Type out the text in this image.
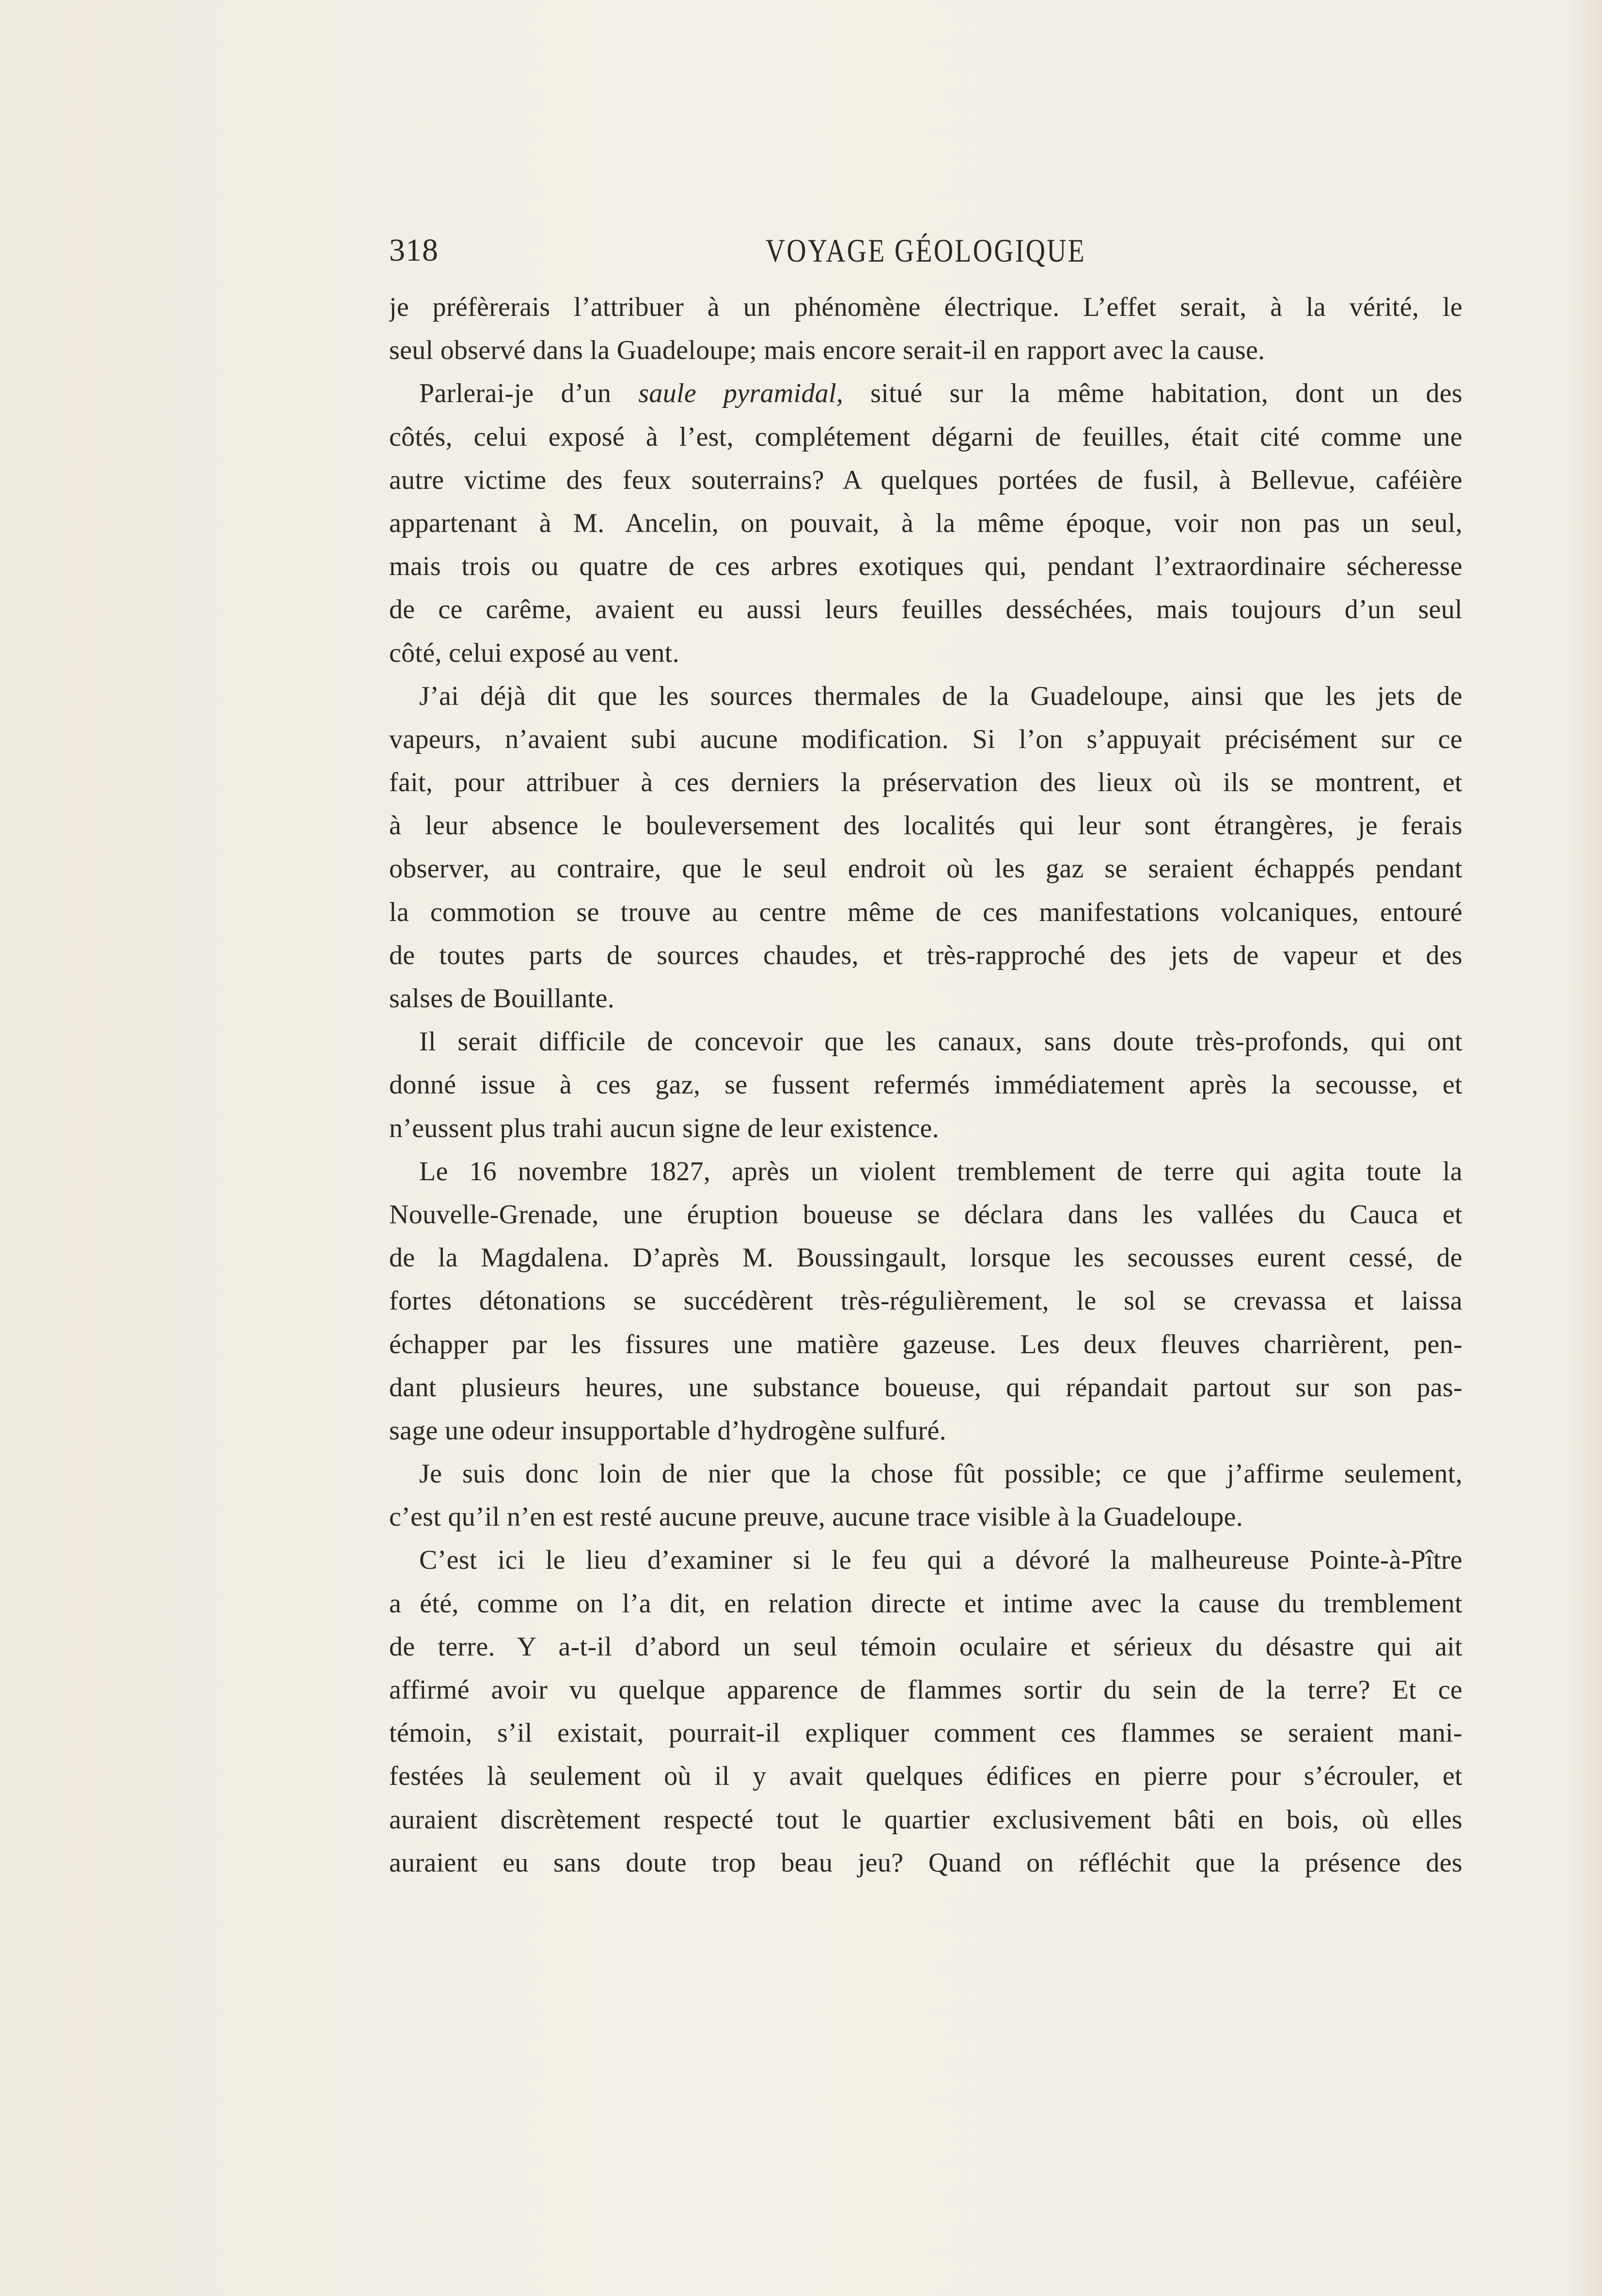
318	VOYAGE GÉOLOGIQUE
je préfèrerais l’attribuer à un phénomène électrique. L’effet serait, à la vérité, le
seul observé dans la Guadeloupe; mais encore serait-il en rapport avec la cause.
Parlerai-je d’un saule pyramidal, situé sur la même habitation, dont un des
côtés, celui exposé à l’est, complétement dégarni de feuilles, était cité comme une
autre victime des feux souterrains? A quelques portées de fusil, à Bellevue, caféière
appartenant à M. Ancelin, on pouvait, à la même époque, voir non pas un seul,
mais trois ou quatre de ces arbres exotiques qui, pendant l’extraordinaire sécheresse
de ce carême, avaient eu aussi leurs feuilles desséchées, mais toujours d’un seul
côté, celui exposé au vent.
J’ai déjà dit que les sources thermales de la Guadeloupe, ainsi que les jets de
vapeurs, n’avaient subi aucune modification. Si l’on s’appuyait précisément sur ce
fait, pour attribuer à ces derniers la préservation des lieux où ils se montrent, et
à leur absence le bouleversement des localités qui leur sont étrangères, je ferais
observer, au contraire, que le seul endroit où les gaz se seraient échappés pendant
la commotion se trouve au centre même de ces manifestations volcaniques, entouré
de toutes parts de sources chaudes, et très-rapproché des jets de vapeur et des
salses de Bouillante.
Il serait difficile de concevoir que les canaux, sans doute très-profonds, qui ont
donné issue à ces gaz, se fussent refermés immédiatement après la secousse, et
n’eussent plus trahi aucun signe de leur existence.
Le 16 novembre 1827, après un violent tremblement de terre qui agita toute la
Nouvelle-Grenade, une éruption boueuse se déclara dans les vallées du Cauca et
de la Magdalena. D’après M. Boussingault, lorsque les secousses eurent cessé, de
fortes détonations se succédèrent très-régulièrement, le sol se crevassa et laissa
échapper par les fissures une matière gazeuse. Les deux fleuves charrièrent, pen-
dant plusieurs heures, une substance boueuse, qui répandait partout sur son pas-
sage une odeur insupportable d’hydrogène sulfuré.
Je suis donc loin de nier que la chose fût possible; ce que j’affirme seulement,
c’est qu’il n’en est resté aucune preuve, aucune trace visible à la Guadeloupe.
C’est ici le lieu d’examiner si le feu qui a dévoré la malheureuse Pointe-à-Pître
a été, comme on l’a dit, en relation directe et intime avec la cause du tremblement
de terre. Y a-t-il d’abord un seul témoin oculaire et sérieux du désastre qui ait
affirmé avoir vu quelque apparence de flammes sortir du sein de la terre? Et ce
témoin, s’il existait, pourrait-il expliquer comment ces flammes se seraient mani-
festées là seulement où il y avait quelques édifices en pierre pour s’écrouler, et
auraient discrètement respecté tout le quartier exclusivement bâti en bois, où elles
auraient eu sans doute trop beau jeu? Quand on réfléchit que la présence des
